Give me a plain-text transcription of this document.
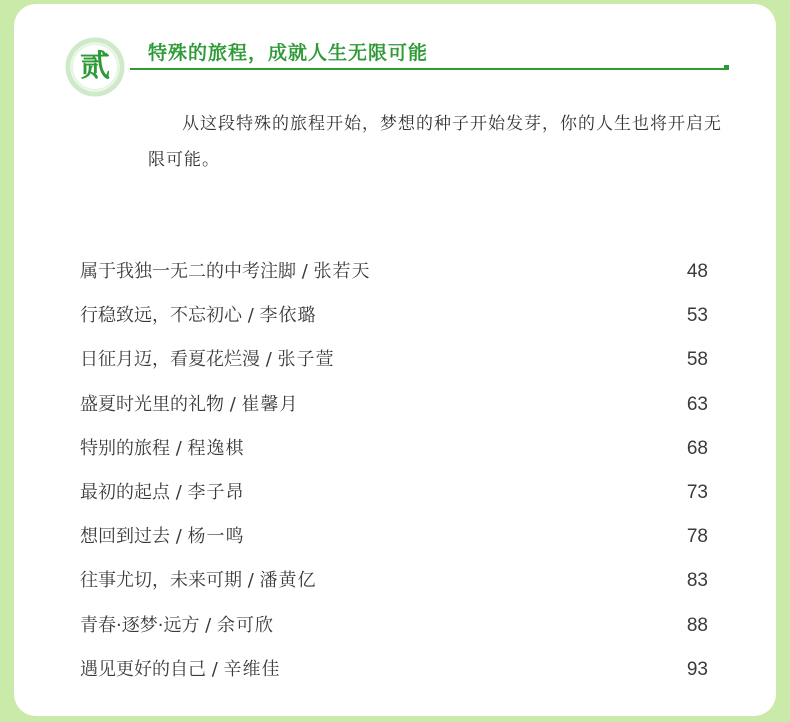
贰	特殊的旅程，成就人生无限可能
从这段特殊的旅程开始，梦想的种子开始发芽，你的人生也将开启无限可能。
属于我独一无二的中考注脚 / 张若天	48
行稳致远，不忘初心 / 李依璐	53
日征月迈，看夏花烂漫 / 张子萱	58
盛夏时光里的礼物 / 崔馨月	63
特别的旅程 / 程逸棋	68
最初的起点 / 李子昂	73
想回到过去 / 杨一鸣	78
往事尤切，未来可期 / 潘黄亿	83
青春·逐梦·远方 / 余可欣	88
遇见更好的自己 / 辛维佳	93
